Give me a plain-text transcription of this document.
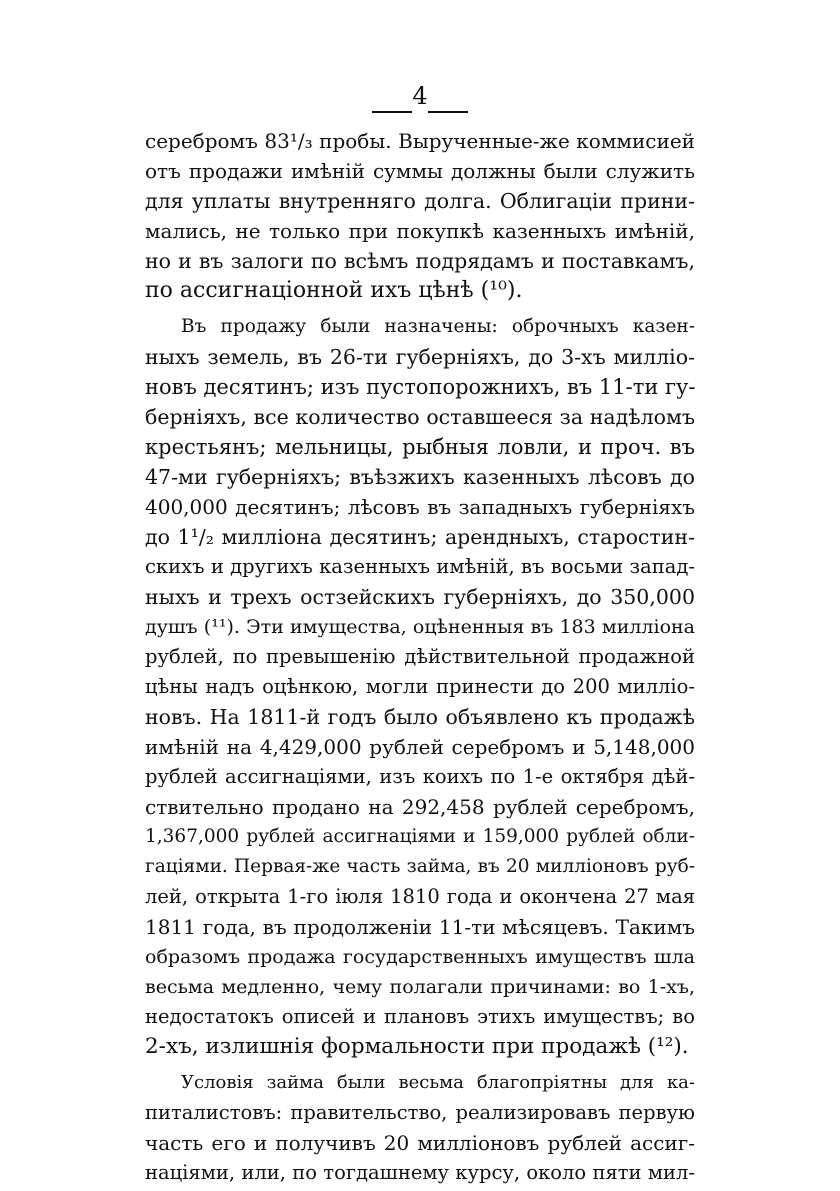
4
серебромъ 83¹/₃ пробы. Вырученные-же коммисией
отъ продажи имѣній суммы должны были служить
для уплаты внутренняго долга. Облигаціи прини-
мались, не только при покупкѣ казенныхъ имѣній,
но и въ залоги по всѣмъ подрядамъ и поставкамъ,
по ассигнаціонной ихъ цѣнѣ (¹⁰).
Въ продажу были назначены: оброчныхъ казен-
ныхъ земель, въ 26-ти губерніяхъ, до 3-хъ милліо-
новъ десятинъ; изъ пустопорожнихъ, въ 11-ти гу-
берніяхъ, все количество оставшееся за надѣломъ
крестьянъ; мельницы, рыбныя ловли, и проч. въ
47-ми губерніяхъ; въѣзжихъ казенныхъ лѣсовъ до
400,000 десятинъ; лѣсовъ въ западныхъ губерніяхъ
до 1¹/₂ милліона десятинъ; арендныхъ, старостин-
скихъ и другихъ казенныхъ имѣній, въ восьми запад-
ныхъ и трехъ остзейскихъ губерніяхъ, до 350,000
душъ (¹¹). Эти имущества, оцѣненныя въ 183 милліона
рублей, по превышенію дѣйствительной продажной
цѣны надъ оцѣнкою, могли принести до 200 милліо-
новъ. На 1811-й годъ было объявлено къ продажѣ
имѣній на 4,429,000 рублей серебромъ и 5,148,000
рублей ассигнаціями, изъ коихъ по 1-е октября дѣй-
ствительно продано на 292,458 рублей серебромъ,
1,367,000 рублей ассигнаціями и 159,000 рублей обли-
гаціями. Первая-же часть займа, въ 20 милліоновъ руб-
лей, открыта 1-го іюля 1810 года и окончена 27 мая
1811 года, въ продолженіи 11-ти мѣсяцевъ. Такимъ
образомъ продажа государственныхъ имуществъ шла
весьма медленно, чему полагали причинами: во 1-хъ,
недостатокъ описей и плановъ этихъ имуществъ; во
2-хъ, излишнія формальности при продажѣ (¹²).
Условія займа были весьма благопріятны для ка-
питалистовъ: правительство, реализировавъ первую
часть его и получивъ 20 милліоновъ рублей ассиг-
націями, или, по тогдашнему курсу, около пяти мил-
